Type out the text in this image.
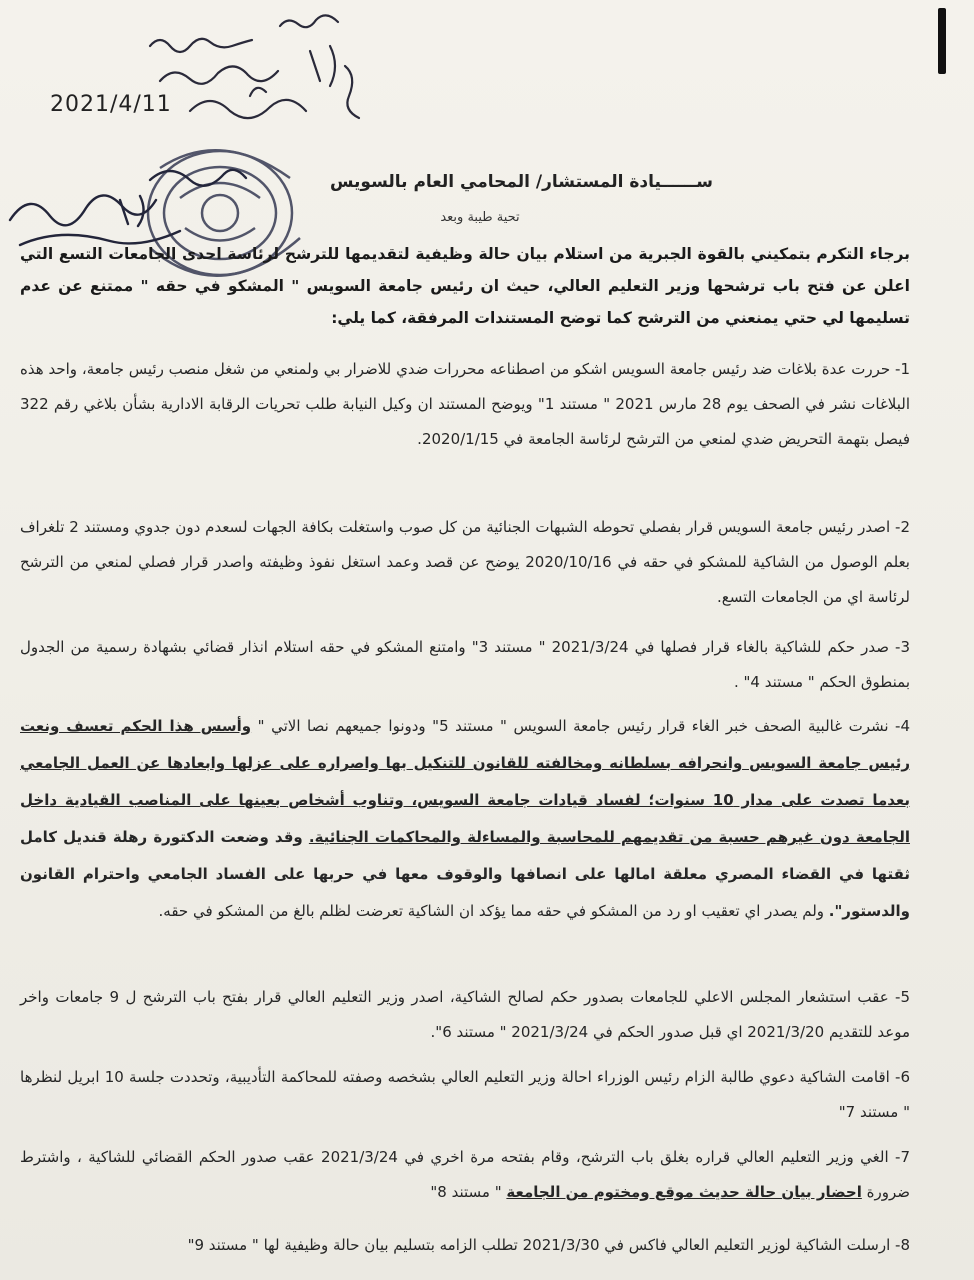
2021/4/11
ســــــيادة المستشار/ المحامي العام بالسويس
تحية طيبة وبعد
برجاء التكرم بتمكيني بالقوة الجبرية من استلام بيان حالة وظيفية لتقديمها للترشح لرئاسة احدى الجامعات التسع التي اعلن عن فتح باب ترشحها وزير التعليم العالي، حيث ان رئيس جامعة السويس " المشكو في حقه " ممتنع عن عدم تسليمها لي حتي يمنعني من الترشح كما توضح المستندات المرفقة، كما يلي:
1- حررت عدة بلاغات ضد رئيس جامعة السويس اشكو من اصطناعه محررات ضدي للاضرار بي ولمنعي من شغل منصب رئيس جامعة، واحد هذه البلاغات نشر في الصحف يوم 28 مارس 2021 " مستند 1" ويوضح المستند ان وكيل النيابة طلب تحريات الرقابة الادارية بشأن بلاغي رقم 322 فيصل بتهمة التحريض ضدي لمنعي من الترشح لرئاسة الجامعة في 2020/1/15.
2- اصدر رئيس جامعة السويس قرار بفصلي تحوطه الشبهات الجنائية من كل صوب واستغلت بكافة الجهات لسعدم دون جدوي ومستند 2 تلغراف بعلم الوصول من الشاكية للمشكو في حقه في 2020/10/16 يوضح عن قصد وعمد استغل نفوذ وظيفته واصدر قرار فصلي لمنعي من الترشح لرئاسة اي من الجامعات التسع.
3- صدر حكم للشاكية بالغاء قرار فصلها في 2021/3/24 " مستند 3" وامتنع المشكو في حقه استلام انذار قضائي بشهادة رسمية من الجدول بمنطوق الحكم " مستند 4" .
4- نشرت غالبية الصحف خبر الغاء قرار رئيس جامعة السويس " مستند 5" ودونوا جميعهم نصا الاتي " وأسس هذا الحكم تعسف ونعت رئيس جامعة السويس وانحرافه بسلطانه ومخالفته للقانون للتنكيل بها واصراره على عزلها وابعادها عن العمل الجامعي بعدما تصدت على مدار 10 سنوات؛ لفساد قيادات جامعة السويس، وتناوب أشخاص بعينها على المناصب القيادية داخل الجامعة دون غيرهم حسبة من تقديمهم للمحاسبة والمساءلة والمحاكمات الجنائية. وقد وضعت الدكتورة رهلة قنديل كامل ثقتها في القضاء المصري معلقة امالها على انصافها والوقوف معها في حربها على الفساد الجامعي واحترام القانون والدستور". ولم يصدر اي تعقيب او رد من المشكو في حقه مما يؤكد ان الشاكية تعرضت لظلم بالغ من المشكو في حقه.
5- عقب استشعار المجلس الاعلي للجامعات بصدور حكم لصالح الشاكية، اصدر وزير التعليم العالي قرار بفتح باب الترشح ل 9 جامعات واخر موعد للتقديم 2021/3/20 اي قبل صدور الحكم في 2021/3/24 " مستند 6".
6- اقامت الشاكية دعوي طالبة الزام رئيس الوزراء احالة وزير التعليم العالي بشخصه وصفته للمحاكمة التأديبية، وتحددت جلسة 10 ابريل لنظرها " مستند 7"
7- الغي وزير التعليم العالي قراره بغلق باب الترشح، وقام بفتحه مرة اخري في 2021/3/24 عقب صدور الحكم القضائي للشاكية ، واشترط ضرورة احضار بيان حالة حديث موقع ومختوم من الجامعة " مستند 8"
8- ارسلت الشاكية لوزير التعليم العالي فاكس في 2021/3/30 تطلب الزامه بتسليم بيان حالة وظيفية لها " مستند 9"
